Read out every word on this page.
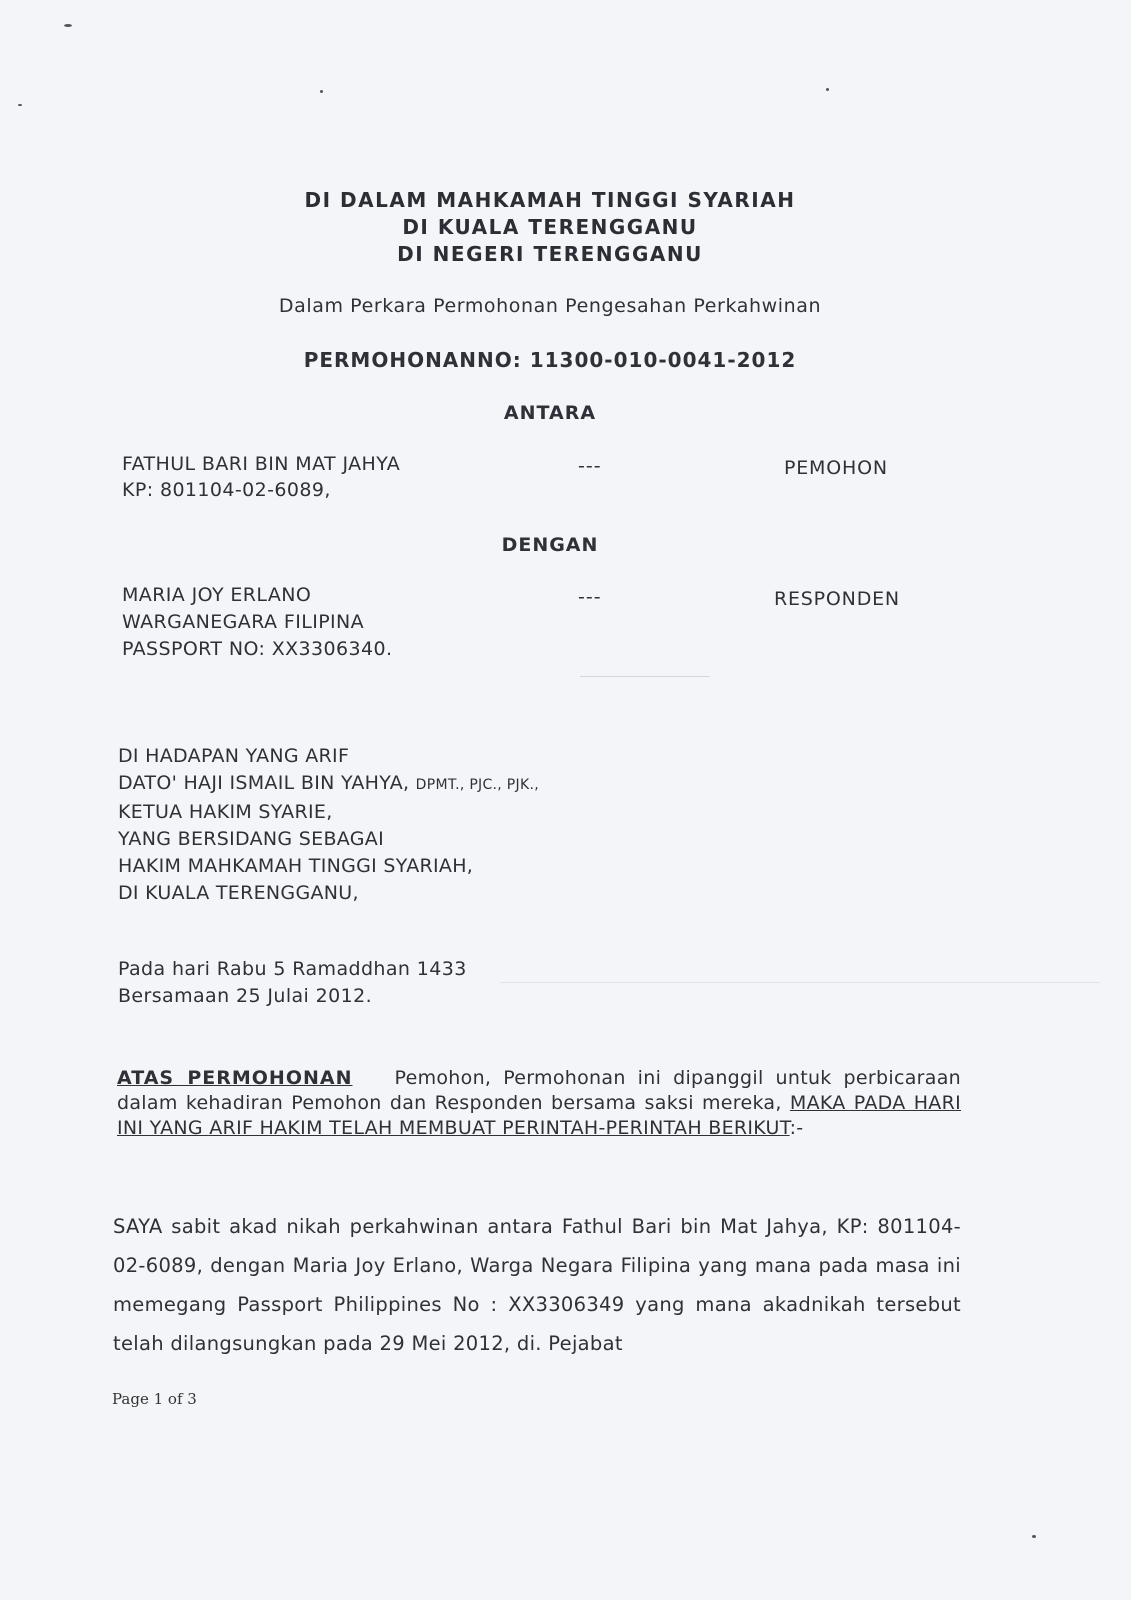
DI DALAM MAHKAMAH TINGGI SYARIAH
DI KUALA TERENGGANU
DI NEGERI TERENGGANU
Dalam Perkara Permohonan Pengesahan Perkahwinan
PERMOHONANNO: 11300-010-0041-2012
ANTARA
FATHUL BARI BIN MAT JAHYA
KP: 801104-02-6089,
---	PEMOHON
DENGAN
MARIA JOY ERLANO
WARGANEGARA FILIPINA
PASSPORT NO: XX3306340.
---	RESPONDEN
DI HADAPAN YANG ARIF
DATO' HAJI ISMAIL BIN YAHYA, DPMT., PJC., PJK.,
KETUA HAKIM SYARIE,
YANG BERSIDANG SEBAGAI
HAKIM MAHKAMAH TINGGI SYARIAH,
DI KUALA TERENGGANU,
Pada hari Rabu 5 Ramaddhan 1433
Bersamaan 25 Julai 2012.
ATAS PERMOHONAN Pemohon, Permohonan ini dipanggil untuk perbicaraan dalam kehadiran Pemohon dan Responden bersama saksi mereka, MAKA PADA HARI INI YANG ARIF HAKIM TELAH MEMBUAT PERINTAH-PERINTAH BERIKUT:-
SAYA sabit akad nikah perkahwinan antara Fathul Bari bin Mat Jahya, KP: 801104-02-6089, dengan Maria Joy Erlano, Warga Negara Filipina yang mana pada masa ini memegang Passport Philippines No : XX3306349 yang mana akadnikah tersebut telah dilangsungkan pada 29 Mei 2012, di. Pejabat
Page 1 of 3
